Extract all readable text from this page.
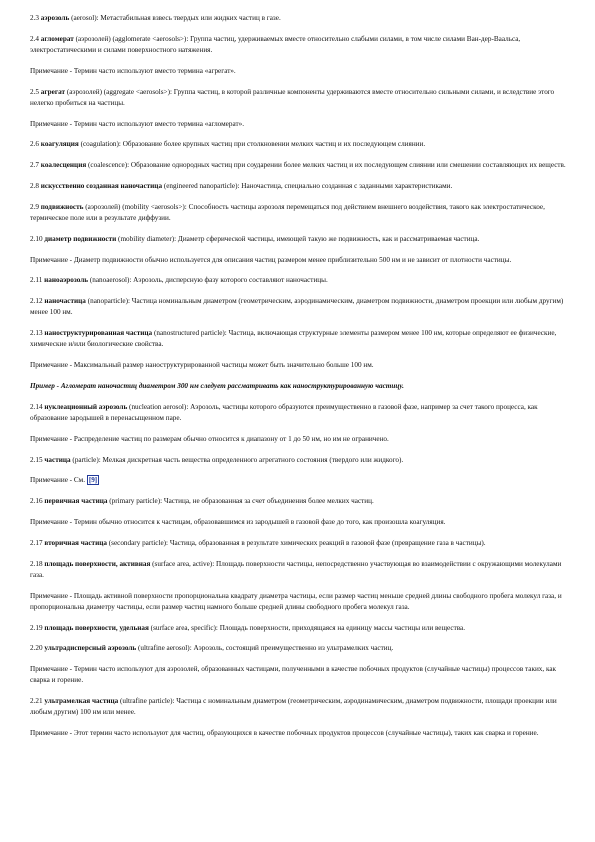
2.3 аэрозоль (aerosol): Метастабильная взвесь твердых или жидких частиц в газе.

2.4 агломерат (аэрозолей) (agglomerate <aerosols>): Группа частиц, удерживаемых вместе относительно слабыми силами, в том числе силами Ван-дер-Ваальса, электростатическими и силами поверхностного натяжения.

Примечание - Термин часто используют вместо термина «агрегат».

2.5 агрегат (аэрозолей) (aggregate <aerosols>): Группа частиц, в которой различные компоненты удерживаются вместе относительно сильными силами, и вследствие этого нелегко пробиться на частицы.

Примечание - Термин часто используют вместо термина «агломерат».

2.6 коагуляция (coagulation): Образование более крупных частиц при столкновении мелких частиц и их последующем слиянии.

2.7 коалесценция (coalescence): Образование однородных частиц при соударении более мелких частиц и их последующем слиянии или смешении составляющих их веществ.

2.8 искусственно созданная наночастица (engineered nanoparticle): Наночастица, специально созданная с заданными характеристиками.

2.9 подвижность (аэрозолей) (mobility <aerosols>): Способность частицы аэрозоля перемещаться под действием внешнего воздействия, такого как электростатическое, термическое поле или в результате диффузии.

2.10 диаметр подвижности (mobility diameter): Диаметр сферической частицы, имеющей такую же подвижность, как и рассматриваемая частица.

Примечание - Диаметр подвижности обычно используется для описания частиц размером менее приблизительно 500 нм и не зависит от плотности частицы.

2.11 наноаэрозоль (nanoaerosol): Аэрозоль, дисперсную фазу которого составляют наночастицы.

2.12 наночастица (nanoparticle): Частица номинальным диаметром (геометрическим, аэродинамическим, диаметром подвижности, диаметром проекции или любым другим) менее 100 нм.

2.13 наноструктурированная частица (nanostructured particle): Частица, включающая структурные элементы размером менее 100 нм, которые определяют ее физические, химические и/или биологические свойства.

Примечание - Максимальный размер наноструктурированной частицы может быть значительно больше 100 нм.

Пример - Агломерат наночастиц диаметром 300 нм следует рассматривать как наноструктурированную частицу.

2.14 нуклеационный аэрозоль (nucleation aerosol): Аэрозоль, частицы которого образуются преимущественно в газовой фазе, например за счет такого процесса, как образование зародышей в перенасыщенном паре.

Примечание - Распределение частиц по размерам обычно относится к диапазону от 1 до 50 нм, но им не ограничено.

2.15 частица (particle): Мелкая дискретная часть вещества определенного агрегатного состояния (твердого или жидкого).

Примечание - См. [9]

2.16 первичная частица (primary particle): Частица, не образованная за счет объединения более мелких частиц.

Примечание - Термин обычно относится к частицам, образовавшимся из зародышей в газовой фазе до того, как произошла коагуляция.

2.17 вторичная частица (secondary particle): Частица, образованная в результате химических реакций в газовой фазе (превращение газа в частицы).

2.18 площадь поверхности, активная (surface area, active): Площадь поверхности частицы, непосредственно участвующая во взаимодействии с окружающими молекулами газа.

Примечание - Площадь активной поверхности пропорциональна квадрату диаметра частицы, если размер частиц меньше средней длины свободного пробега молекул газа, и пропорциональна диаметру частицы, если размер частиц намного больше средней длины свободного пробега молекул газа.

2.19 площадь поверхности, удельная (surface area, specific): Площадь поверхности, приходящаяся на единицу массы частицы или вещества.

2.20 ультрадисперсный аэрозоль (ultrafine aerosol): Аэрозоль, состоящий преимущественно из ультрамелких частиц.

Примечание - Термин часто используют для аэрозолей, образованных частицами, полученными в качестве побочных продуктов (случайные частицы) процессов таких, как сварка и горение.

2.21 ультрамелкая частица (ultrafine particle): Частица с номинальным диаметром (геометрическим, аэродинамическим, диаметром подвижности, площади проекции или любым другим) 100 нм или менее.

Примечание - Этот термин часто используют для частиц, образующихся в качестве побочных продуктов процессов (случайные частицы), таких как сварка и горение.
